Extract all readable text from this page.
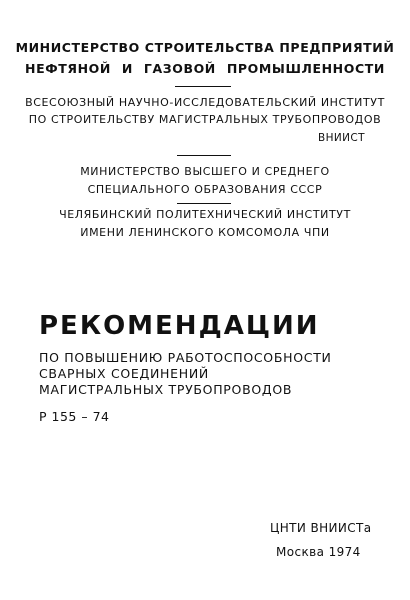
МИНИСТЕРСТВО СТРОИТЕЛЬСТВА ПРЕДПРИЯТИЙ
НЕФТЯНОЙ И ГАЗОВОЙ ПРОМЫШЛЕННОСТИ
ВСЕСОЮЗНЫЙ НАУЧНО-ИССЛЕДОВАТЕЛЬСКИЙ ИНСТИТУТ
ПО СТРОИТЕЛЬСТВУ МАГИСТРАЛЬНЫХ ТРУБОПРОВОДОВ
ВНИИСТ
МИНИСТЕРСТВО ВЫСШЕГО И СРЕДНЕГО
СПЕЦИАЛЬНОГО ОБРАЗОВАНИЯ СССР
ЧЕЛЯБИНСКИЙ ПОЛИТЕХНИЧЕСКИЙ ИНСТИТУТ
ИМЕНИ ЛЕНИНСКОГО КОМСОМОЛА ЧПИ
РЕКОМЕНДАЦИИ
ПО ПОВЫШЕНИЮ РАБОТОСПОСОБНОСТИ
СВАРНЫХ СОЕДИНЕНИЙ
МАГИСТРАЛЬНЫХ ТРУБОПРОВОДОВ
Р 155 – 74
ЦНТИ ВНИИСТа
Москва 1974
